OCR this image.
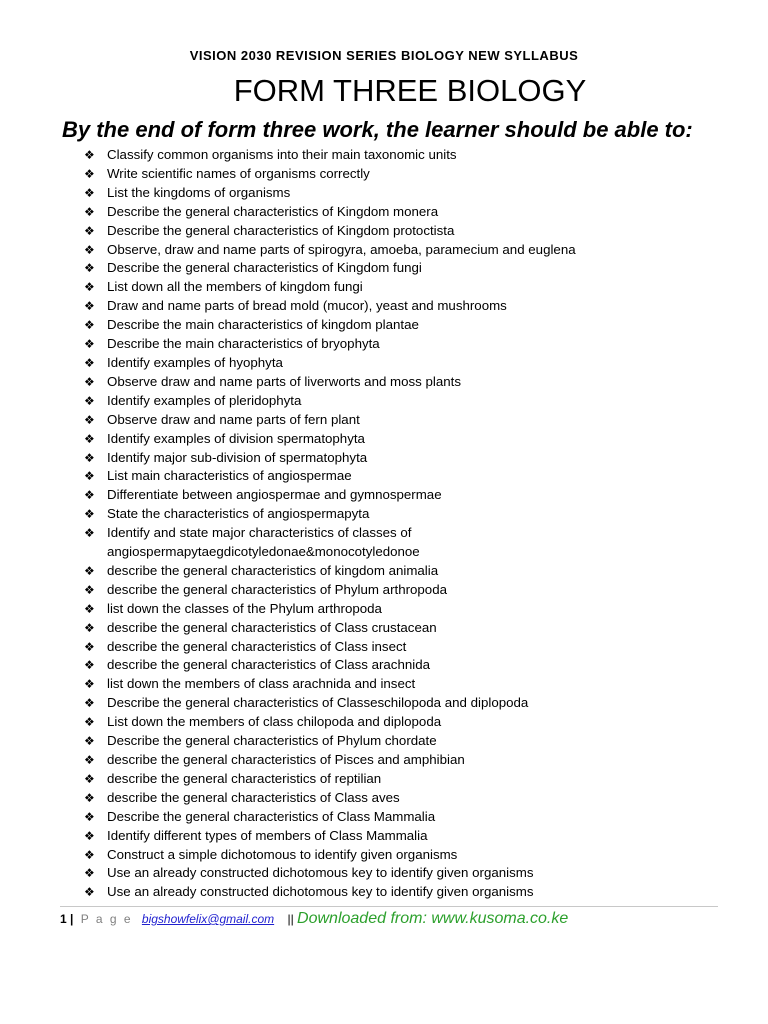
VISION 2030 REVISION SERIES BIOLOGY NEW SYLLABUS
FORM THREE BIOLOGY
By the end of form three work, the learner should be able to:
❖ Classify common organisms into their main taxonomic units
❖ Write scientific names of organisms correctly
❖ List the kingdoms of organisms
❖ Describe the general characteristics of Kingdom monera
❖ Describe the general characteristics of Kingdom protoctista
❖ Observe, draw and name parts of spirogyra, amoeba, paramecium and euglena
❖ Describe the general characteristics of Kingdom fungi
❖ List down all the members of kingdom fungi
❖ Draw and name parts of bread mold (mucor), yeast and mushrooms
❖ Describe the main characteristics of kingdom plantae
❖ Describe the main characteristics of bryophyta
❖ Identify examples of hyophyta
❖ Observe draw and name parts of liverworts and moss plants
❖ Identify examples of pleridophyta
❖ Observe draw and name parts of fern plant
❖ Identify examples of division spermatophyta
❖ Identify major sub-division of spermatophyta
❖ List main characteristics of angiospermae
❖ Differentiate between angiospermae and gymnospermae
❖ State the characteristics of angiospermapyta
❖ Identify and state major characteristics of classes of
angiospermapytaegdicotyledonae&monocotyledonoe
❖ describe the general characteristics of kingdom animalia
❖ describe the general characteristics of Phylum arthropoda
❖ list down the classes of the Phylum arthropoda
❖ describe the general characteristics of Class crustacean
❖ describe the general characteristics of Class insect
❖ describe the general characteristics of Class arachnida
❖ list down the members of class arachnida and insect
❖ Describe the general characteristics of Classeschilopoda and diplopoda
❖ List down the members of class chilopoda and diplopoda
❖ Describe the general characteristics of Phylum chordate
❖ describe the general characteristics of Pisces and amphibian
❖ describe the general characteristics of reptilian
❖ describe the general characteristics of Class aves
❖ Describe the general characteristics of Class Mammalia
❖ Identify different types of members of Class Mammalia
❖ Construct a simple dichotomous to identify given organisms
❖ Use an already constructed dichotomous key to identify given organisms
❖ Use an already constructed dichotomous key to identify given organisms
1 | P a g e bigshowfelix@gmail.com || Downloaded from: www.kusoma.co.ke
